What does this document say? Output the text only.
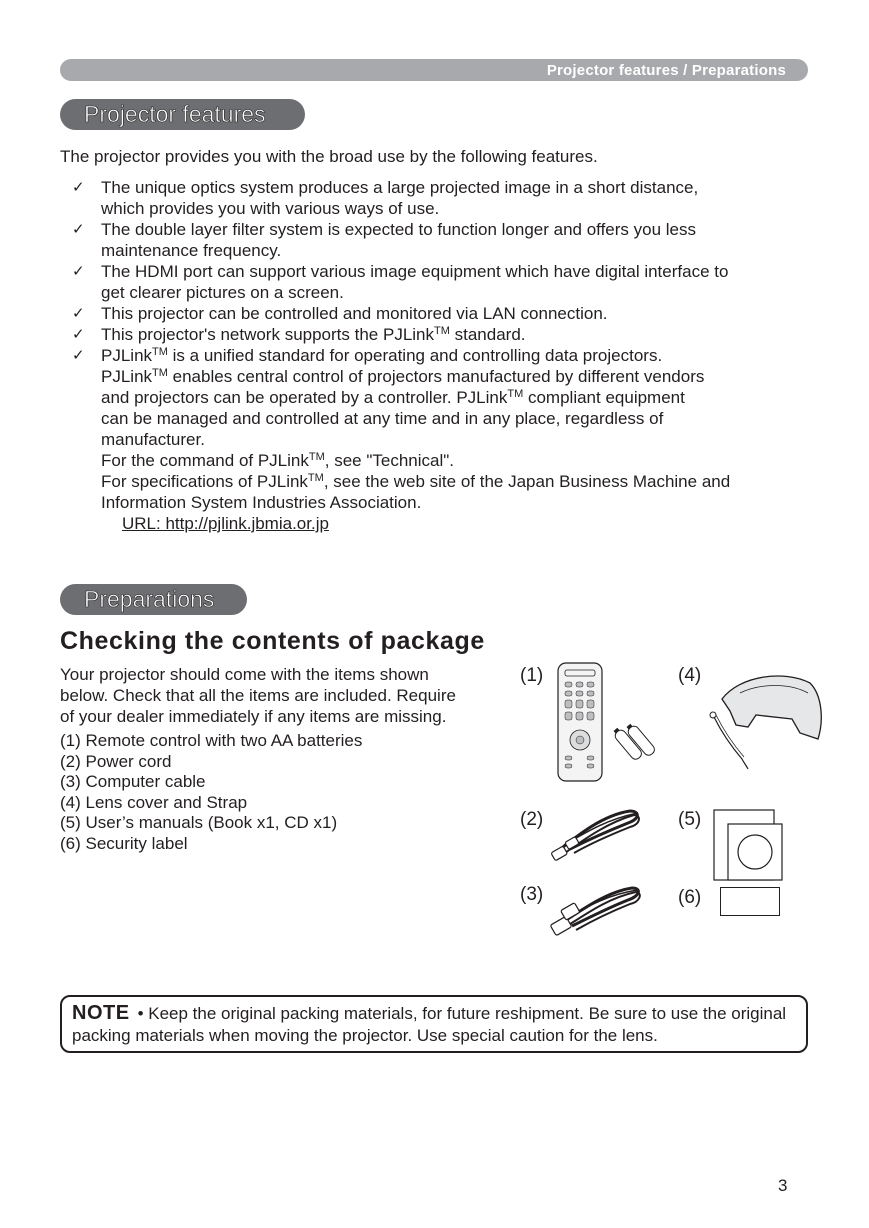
Projector features / Preparations
Projector features
The projector provides you with the broad use by the following features.
✓ The unique optics system produces a large projected image in a short distance,
which provides you with various ways of use.
✓ The double layer filter system is expected to function longer and offers you less
maintenance frequency.
✓ The HDMI port can support various image equipment which have digital interface to
get clearer pictures on a screen.
✓ This projector can be controlled and monitored via LAN connection.
✓ This projector's network supports the PJLink™ standard.
✓ PJLink™ is a unified standard for operating and controlling data projectors.
PJLink™ enables central control of projectors manufactured by different vendors
and projectors can be operated by a controller. PJLink™ compliant equipment
can be managed and controlled at any time and in any place, regardless of
manufacturer.
For the command of PJLink™, see "Technical".
For specifications of PJLink™, see the web site of the Japan Business Machine and
Information System Industries Association.

URL: http://pjlink.jbmia.or.jp
Preparations
Checking the contents of package
Your projector should come with the items shown
below. Check that all the items are included. Require
of your dealer immediately if any items are missing.
(1) Remote control with two AA batteries
(2) Power cord
(3) Computer cable
(4) Lens cover and Strap
(5) User’s manuals (Book x1, CD x1)
(6) Security label
(1)
(2)
(3)
(4)
(5)
(6)
NOTE • Keep the original packing materials, for future reshipment. Be sure to use the original packing materials when moving the projector. Use special caution for the lens.
3
